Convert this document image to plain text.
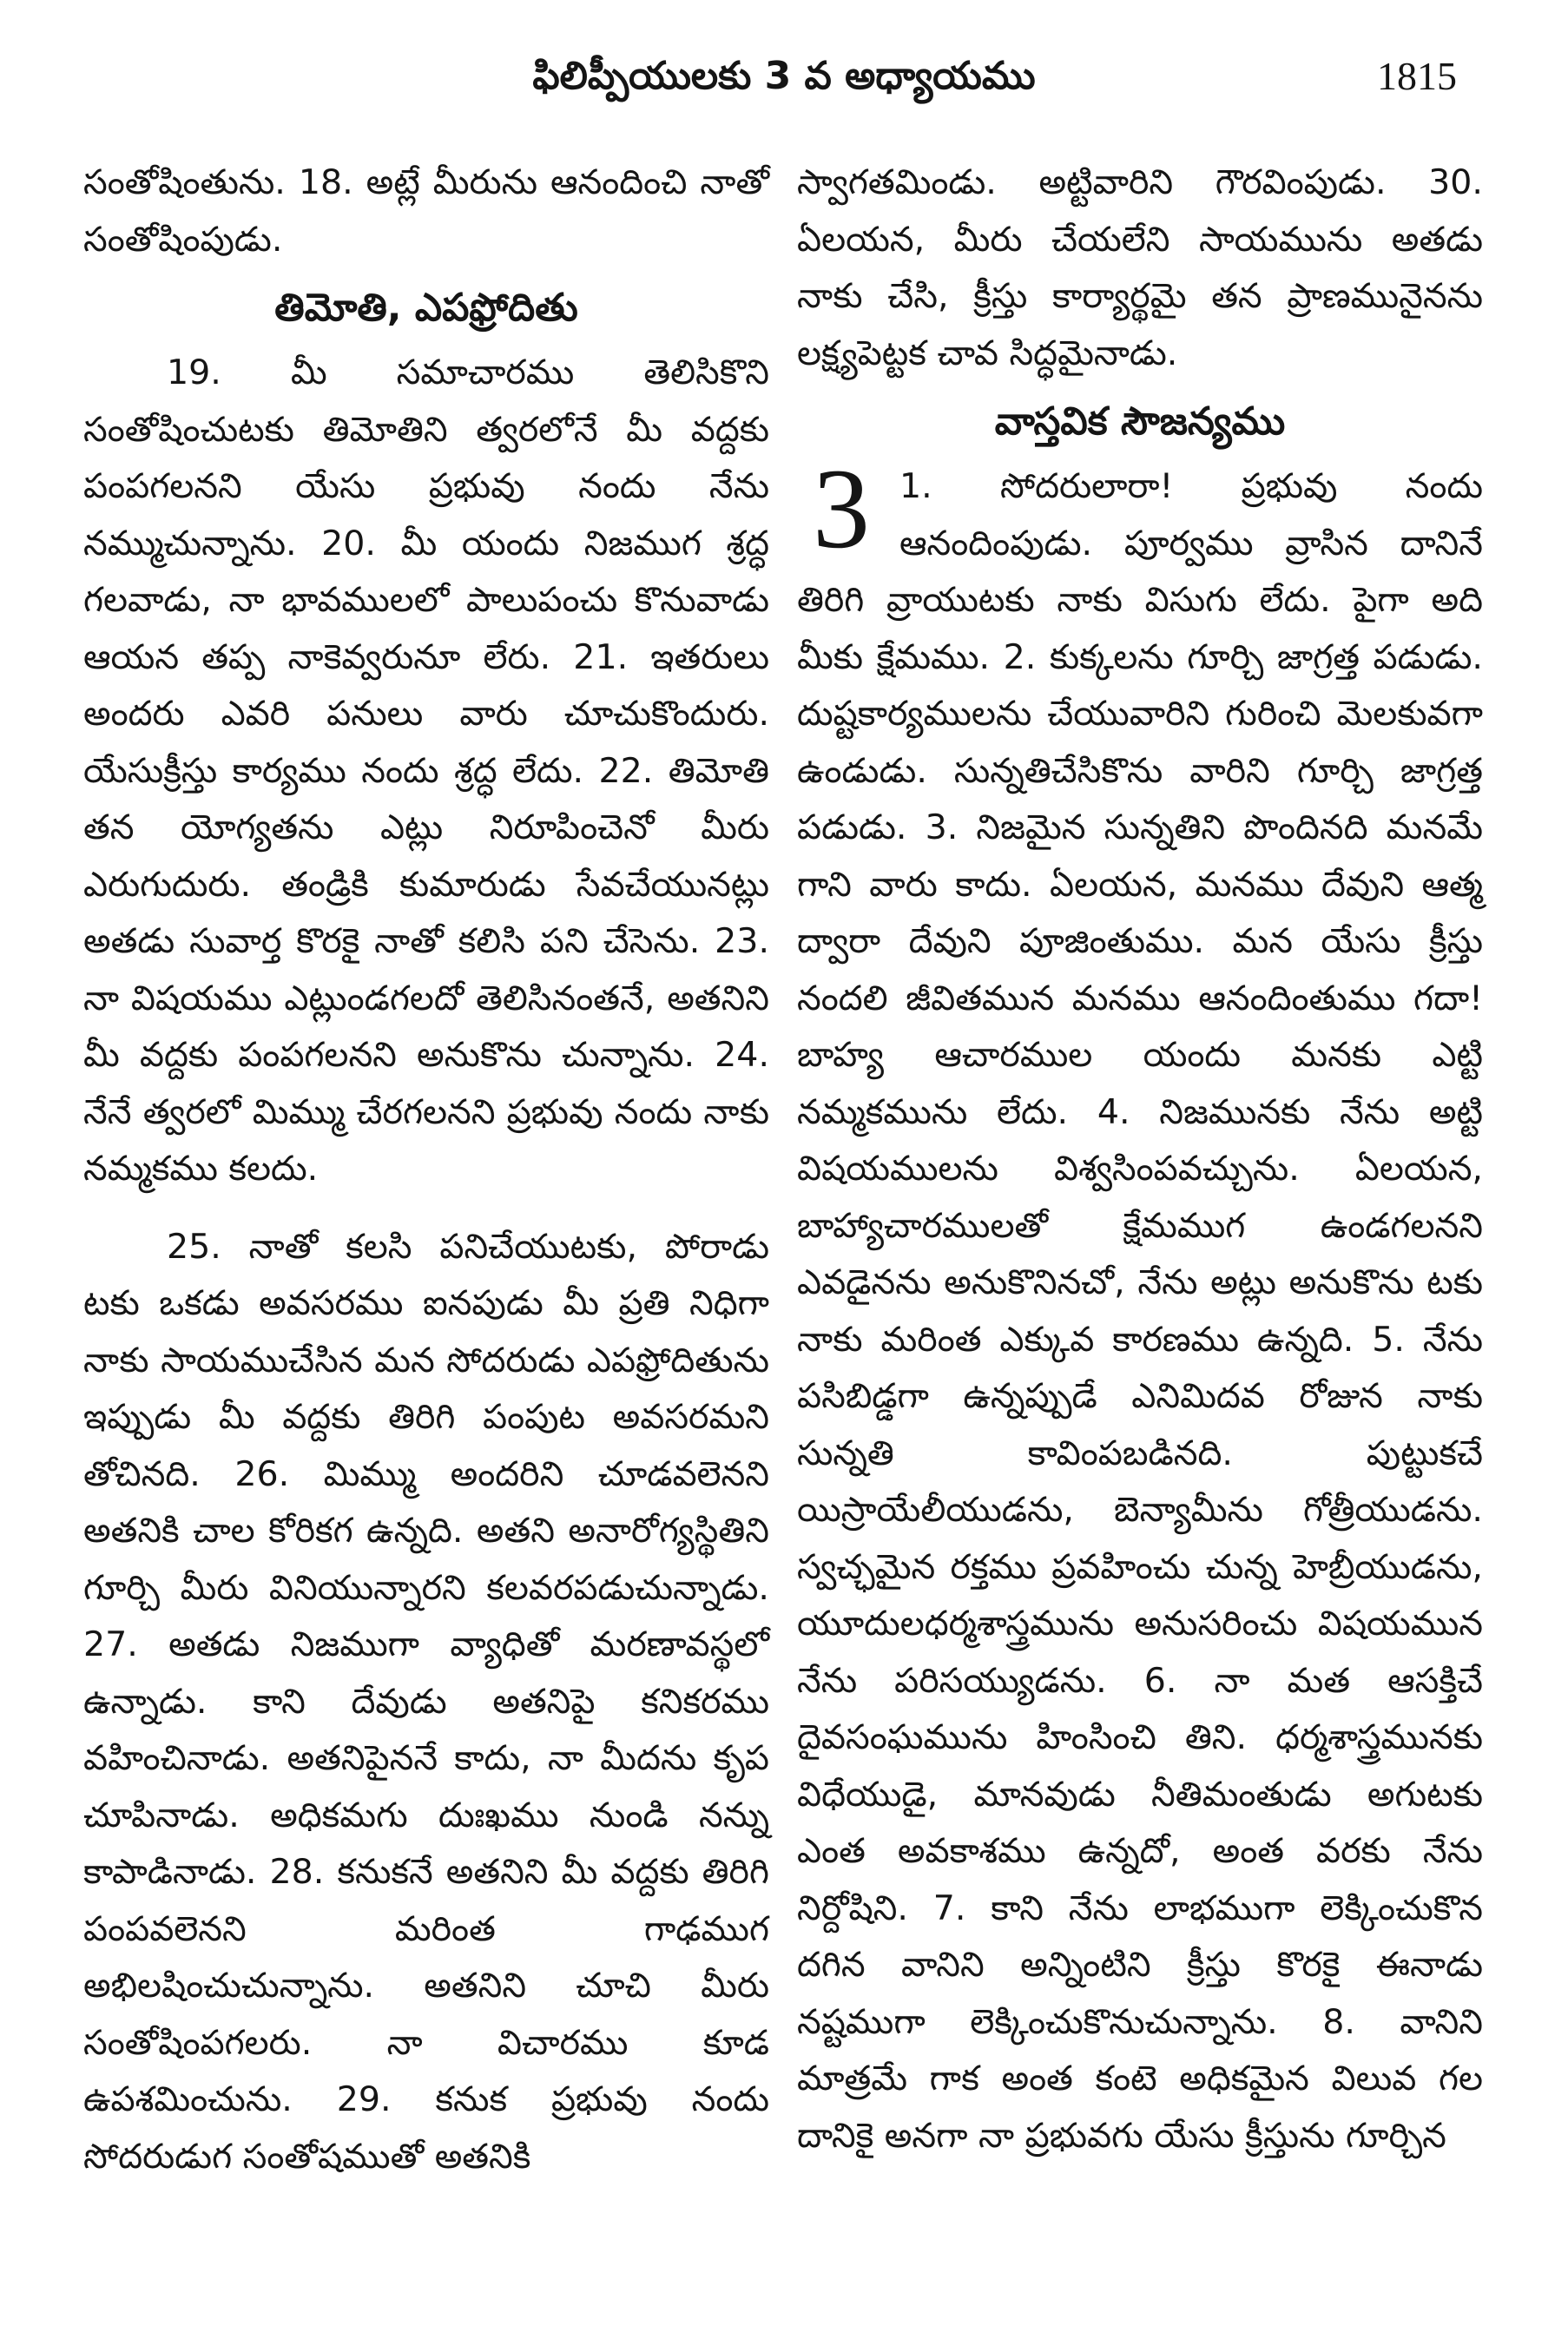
ఫిలిప్పీయులకు 3 వ అధ్యాయము	1815

సంతోషింతును. 18. అట్లే మీరును ఆనందించి నాతో సంతోషింపుడు.

తిమోతి, ఎపఫ్రోదితు

19. మీ సమాచారము తెలిసికొని సంతోషించుటకు తిమోతిని త్వరలోనే మీ వద్దకు పంపగలనని యేసు ప్రభువు నందు నేను నమ్ముచున్నాను. 20. మీ యందు నిజముగ శ్రద్ధ గలవాడు, నా భావములలో పాలుపంచు కొనువాడు ఆయన తప్ప నాకెవ్వరునూ లేరు. 21. ఇతరులు అందరు ఎవరి పనులు వారు చూచుకొందురు. యేసుక్రీస్తు కార్యము నందు శ్రద్ధ లేదు. 22. తిమోతి తన యోగ్యతను ఎట్లు నిరూపించెనో మీరు ఎరుగుదురు. తండ్రికి కుమారుడు సేవచేయునట్లు అతడు సువార్త కొరకై నాతో కలిసి పని చేసెను. 23. నా విషయము ఎట్లుండగలదో తెలిసినంతనే, అతనిని మీ వద్దకు పంపగలనని అనుకొను చున్నాను. 24. నేనే త్వరలో మిమ్ము చేరగలనని ప్రభువు నందు నాకు నమ్మకము కలదు.

25. నాతో కలసి పనిచేయుటకు, పోరాడు టకు ఒకడు అవసరము ఐనపుడు మీ ప్రతి నిధిగా నాకు సాయముచేసిన మన సోదరుడు ఎపఫ్రోదితును ఇప్పుడు మీ వద్దకు తిరిగి పంపుట అవసరమని తోచినది. 26. మిమ్ము అందరిని చూడవలెనని అతనికి చాల కోరికగ ఉన్నది. అతని అనారోగ్యస్థితిని గూర్చి మీరు వినియున్నారని కలవరపడుచున్నాడు. 27. అతడు నిజముగా వ్యాధితో మరణావస్థలో ఉన్నాడు. కాని దేవుడు అతనిపై కనికరము వహించినాడు. అతనిపైననే కాదు, నా మీదను కృప చూపినాడు. అధికమగు దుఃఖము నుండి నన్ను కాపాడినాడు. 28. కనుకనే అతనిని మీ వద్దకు తిరిగి పంపవలెనని మరింత గాఢముగ అభిలషించుచున్నాను. అతనిని చూచి మీరు సంతోషింపగలరు. నా విచారము కూడ ఉపశమించును. 29. కనుక ప్రభువు నందు సోదరుడుగ సంతోషముతో అతనికి

స్వాగతమిండు. అట్టివారిని గౌరవింపుడు. 30. ఏలయన, మీరు చేయలేని సాయమును అతడు నాకు చేసి, క్రీస్తు కార్యార్థమై తన ప్రాణమునైనను లక్ష్యపెట్టక చావ సిద్ధమైనాడు.

వాస్తవిక సౌజన్యము
3 1. సోదరులారా! ప్రభువు నందు ఆనందింపుడు. పూర్వము వ్రాసిన దానినే తిరిగి వ్రాయుటకు నాకు విసుగు లేదు. పైగా అది మీకు క్షేమము. 2. కుక్కలను గూర్చి జాగ్రత్త పడుడు. దుష్టకార్యములను చేయువారిని గురించి మెలకువగా ఉండుడు. సున్నతిచేసికొను వారిని గూర్చి జాగ్రత్త పడుడు. 3. నిజమైన సున్నతిని పొందినది మనమే గాని వారు కాదు. ఏలయన, మనము దేవుని ఆత్మ ద్వారా దేవుని పూజింతుము. మన యేసు క్రీస్తు నందలి జీవితమున మనము ఆనందింతుము గదా! బాహ్య ఆచారముల యందు మనకు ఎట్టి నమ్మకమును లేదు. 4. నిజమునకు నేను అట్టి విషయములను విశ్వసింపవచ్చును. ఏలయన, బాహ్యాచారములతో క్షేమముగ ఉండగలనని ఎవడైనను అనుకొనినచో, నేను అట్లు అనుకొను టకు నాకు మరింత ఎక్కువ కారణము ఉన్నది. 5. నేను పసిబిడ్డగా ఉన్నప్పుడే ఎనిమిదవ రోజున నాకు సున్నతి కావింపబడినది. పుట్టుకచే యిస్రాయేలీయుడను, బెన్యామీను గోత్రీయుడను. స్వచ్ఛమైన రక్తము ప్రవహించు చున్న హెబ్రీయుడను, యూదులధర్మశాస్త్రమును అనుసరించు విషయమున నేను పరిసయ్యుడను. 6. నా మత ఆసక్తిచే దైవసంఘమును హింసించి తిని. ధర్మశాస్త్రమునకు విధేయుడై, మానవుడు నీతిమంతుడు అగుటకు ఎంత అవకాశము ఉన్నదో, అంత వరకు నేను నిర్దోషిని. 7. కాని నేను లాభముగా లెక్కించుకొన దగిన వానిని అన్నింటిని క్రీస్తు కొరకై ఈనాడు నష్టముగా లెక్కించుకొనుచున్నాను. 8. వానిని మాత్రమే గాక అంత కంటె అధికమైన విలువ గల దానికై అనగా నా ప్రభువగు యేసు క్రీస్తును గూర్చిన
